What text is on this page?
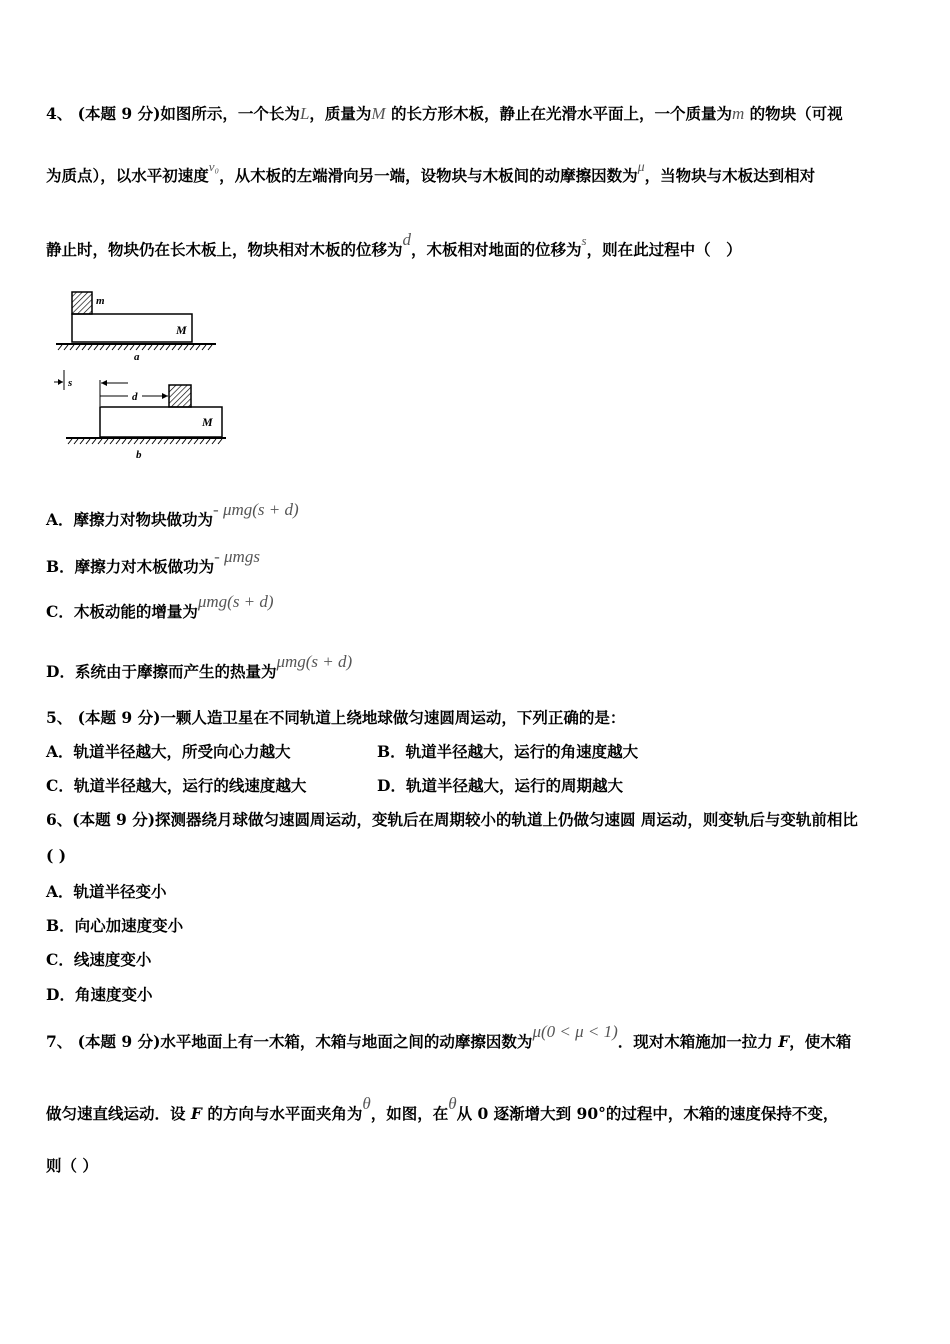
4、 (本题 9 分)如图所示，一个长为L，质量为M 的长方形木板，静止在光滑水平面上，一个质量为m 的物块（可视
为质点），以水平初速度$^{v_0}$，从木板的左端滑向另一端，设物块与木板间的动摩擦因数为μ，当物块与木板达到相对
静止时，物块仍在长木板上，物块相对木板的位移为d，木板相对地面的位移为$^s$，则在此过程中（　）
m
M
a
s
d
M
b
A．摩擦力对物块做功为- μmg(s + d)
B．摩擦力对木板做功为- μmgs
C．木板动能的增量为μmg(s + d)
D．系统由于摩擦而产生的热量为μmg(s + d)
5、 (本题 9 分)一颗人造卫星在不同轨道上绕地球做匀速圆周运动，下列正确的是：
A．轨道半径越大，所受向心力越大	B．轨道半径越大，运行的角速度越大
C．轨道半径越大，运行的线速度越大	D．轨道半径越大，运行的周期越大
6、(本题 9 分)探测器绕月球做匀速圆周运动，变轨后在周期较小的轨道上仍做匀速圆 周运动，则变轨后与变轨前相比
( )
A．轨道半径变小
B．向心加速度变小
C．线速度变小
D．角速度变小
7、 (本题 9 分)水平地面上有一木箱，木箱与地面之间的动摩擦因数为μ(0 < μ < 1)．现对木箱施加一拉力 F，使木箱
做匀速直线运动．设 F 的方向与水平面夹角为θ，如图，在θ从 0 逐渐增大到 90°的过程中，木箱的速度保持不变，
则（ ）
